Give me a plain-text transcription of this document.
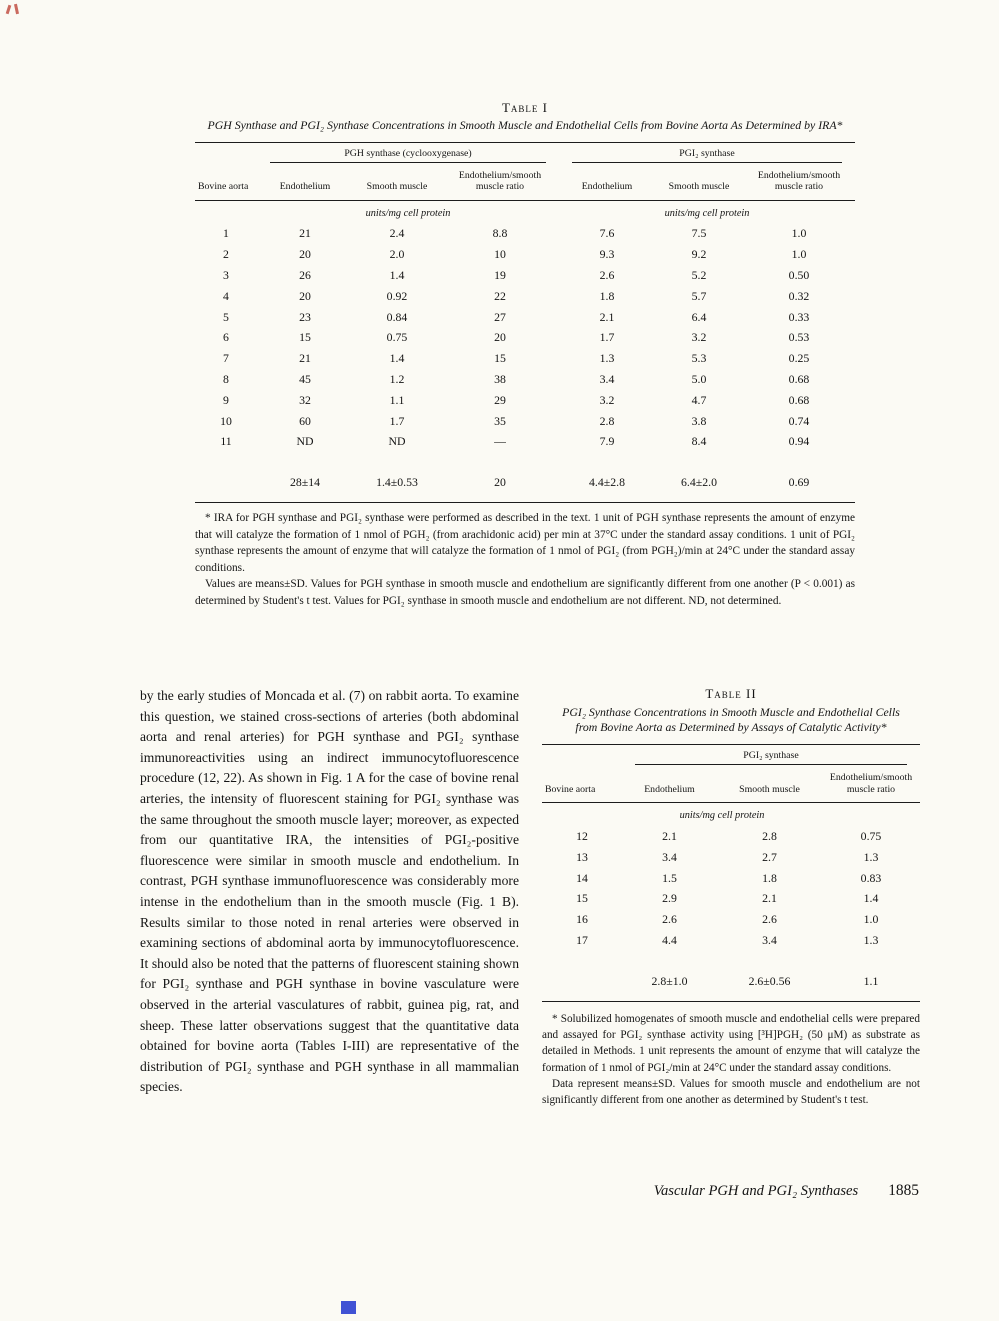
Table I
PGH Synthase and PGI₂ Synthase Concentrations in Smooth Muscle and Endothelial Cells from Bovine Aorta As Determined by IRA*

	PGH synthase (cyclooxygenase)			PGI₂ synthase		

Bovine aorta	Endothelium	Smooth muscle	Endothelium/smooth muscle ratio	Endothelium	Smooth muscle	Endothelium/smooth muscle ratio
	units/mg cell protein			units/mg cell protein		
1	21	2.4	8.8	7.6	7.5	1.0
2	20	2.0	10	9.3	9.2	1.0
3	26	1.4	19	2.6	5.2	0.50
4	20	0.92	22	1.8	5.7	0.32
5	23	0.84	27	2.1	6.4	0.33
6	15	0.75	20	1.7	3.2	0.53
7	21	1.4	15	1.3	5.3	0.25
8	45	1.2	38	3.4	5.0	0.68
9	32	1.1	29	3.2	4.7	0.68
10	60	1.7	35	2.8	3.8	0.74
11	ND	ND	—	7.9	8.4	0.94
	28±14	1.4±0.53	20	4.4±2.8	6.4±2.0	0.69

* IRA for PGH synthase and PGI₂ synthase were performed as described in the text. 1 unit of PGH synthase represents the amount of enzyme that will catalyze the formation of 1 nmol of PGH₂ (from arachidonic acid) per min at 37°C under the standard assay conditions. 1 unit of PGI₂ synthase represents the amount of enzyme that will catalyze the formation of 1 nmol of PGI₂ (from PGH₂)/min at 24°C under the standard assay conditions.

Values are means±SD. Values for PGH synthase in smooth muscle and endothelium are significantly different from one another (P < 0.001) as determined by Student's t test. Values for PGI₂ synthase in smooth muscle and endothelium are not different. ND, not determined.

by the early studies of Moncada et al. (7) on rabbit aorta. To examine this question, we stained cross-sections of arteries (both abdominal aorta and renal arteries) for PGH synthase and PGI₂ synthase immunoreactivities using an indirect immunocytofluorescence procedure (12, 22). As shown in Fig. 1 A for the case of bovine renal arteries, the intensity of fluorescent staining for PGI₂ synthase was the same throughout the smooth muscle layer; moreover, as expected from our quantitative IRA, the intensities of PGI₂-positive fluorescence were similar in smooth muscle and endothelium. In contrast, PGH synthase immunofluorescence was considerably more intense in the endothelium than in the smooth muscle (Fig. 1 B). Results similar to those noted in renal arteries were observed in examining sections of abdominal aorta by immunocytofluorescence. It should also be noted that the patterns of fluorescent staining shown for PGI₂ synthase and PGH synthase in bovine vasculature were observed in the arterial vasculatures of rabbit, guinea pig, rat, and sheep. These latter observations suggest that the quantitative data obtained for bovine aorta (Tables I-III) are representative of the distribution of PGI₂ synthase and PGH synthase in all mammalian species.

Table II
PGI₂ Synthase Concentrations in Smooth Muscle and Endothelial Cells from Bovine Aorta as Determined by Assays of Catalytic Activity*

	PGI₂ synthase		

Bovine aorta	Endothelium	Smooth muscle	Endothelium/smooth muscle ratio
	units/mg cell protein		
12	2.1	2.8	0.75
13	3.4	2.7	1.3
14	1.5	1.8	0.83
15	2.9	2.1	1.4
16	2.6	2.6	1.0
17	4.4	3.4	1.3
	2.8±1.0	2.6±0.56	1.1

* Solubilized homogenates of smooth muscle and endothelial cells were prepared and assayed for PGI₂ synthase activity using [³H]PGH₂ (50 μM) as substrate as detailed in Methods. 1 unit represents the amount of enzyme that will catalyze the formation of 1 nmol of PGI₂/min at 24°C under the standard assay conditions.

Data represent means±SD. Values for smooth muscle and endothelium are not significantly different from one another as determined by Student's t test.

Vascular PGH and PGI₂ Synthases 1885
